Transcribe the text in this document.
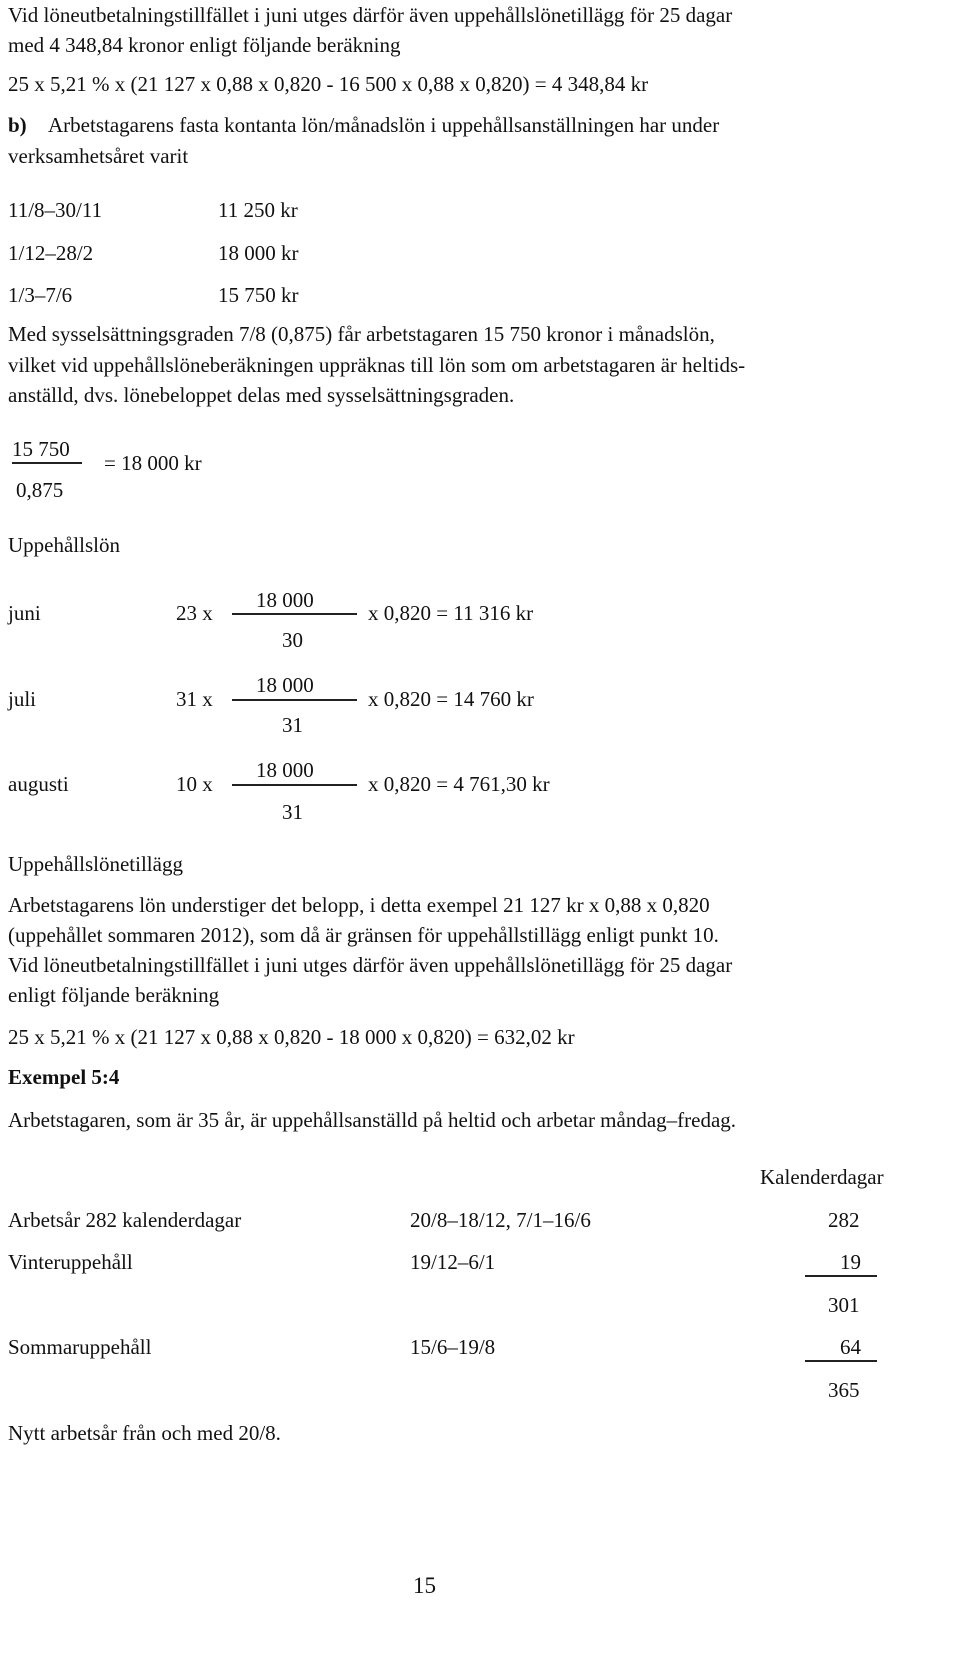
Vid löneutbetalningstillfället i juni utges därför även uppehållslönetillägg för 25 dagar
med 4 348,84 kronor enligt följande beräkning
25 x 5,21 % x (21 127 x 0,88 x 0,820 - 16 500 x 0,88 x 0,820) = 4 348,84 kr
b) Arbetstagarens fasta kontanta lön/månadslön i uppehållsanställningen har under
verksamhetsåret varit
11/8–30/11	11 250 kr
1/12–28/2	18 000 kr
1/3–7/6	15 750 kr
Med sysselsättningsgraden 7/8 (0,875) får arbetstagaren 15 750 kronor i månadslön,
vilket vid uppehållslöneberäkningen uppräknas till lön som om arbetstagaren är heltids-
anställd, dvs. lönebeloppet delas med sysselsättningsgraden.
15 750
0,875
= 18 000 kr
Uppehållslön
juni	23 x
18 000
30
x 0,820 = 11 316 kr
juli	31 x
18 000
31
x 0,820 = 14 760 kr
augusti	10 x
18 000
31
x 0,820 = 4 761,30 kr
Uppehållslönetillägg
Arbetstagarens lön understiger det belopp, i detta exempel 21 127 kr x 0,88 x 0,820
(uppehållet sommaren 2012), som då är gränsen för uppehållstillägg enligt punkt 10.
Vid löneutbetalningstillfället i juni utges därför även uppehållslönetillägg för 25 dagar
enligt följande beräkning
25 x 5,21 % x (21 127 x 0,88 x 0,820 - 18 000 x 0,820) = 632,02 kr
Exempel 5:4
Arbetstagaren, som är 35 år, är uppehållsanställd på heltid och arbetar måndag–fredag.
Kalenderdagar
Arbetsår 282 kalenderdagar	20/8–18/12, 7/1–16/6	282
Vinteruppehåll	19/12–6/1	19
301
Sommaruppehåll	15/6–19/8	64
365
Nytt arbetsår från och med 20/8.
15
